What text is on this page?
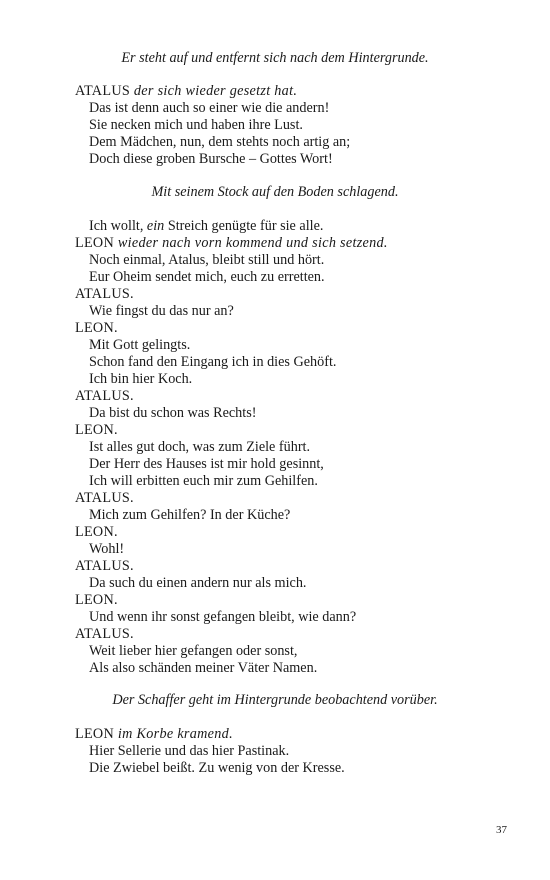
Er steht auf und entfernt sich nach dem Hintergrunde.
ATALUS der sich wieder gesetzt hat.
Das ist denn auch so einer wie die andern!
Sie necken mich und haben ihre Lust.
Dem Mädchen, nun, dem stehts noch artig an;
Doch diese groben Bursche – Gottes Wort!
Mit seinem Stock auf den Boden schlagend.
Ich wollt, ein Streich genügte für sie alle.
LEON wieder nach vorn kommend und sich setzend.
Noch einmal, Atalus, bleibt still und hört.
Eur Oheim sendet mich, euch zu erretten.
ATALUS.
Wie fingst du das nur an?
LEON.
Mit Gott gelingts.
Schon fand den Eingang ich in dies Gehöft.
Ich bin hier Koch.
ATALUS.
Da bist du schon was Rechts!
LEON.
Ist alles gut doch, was zum Ziele führt.
Der Herr des Hauses ist mir hold gesinnt,
Ich will erbitten euch mir zum Gehilfen.
ATALUS.
Mich zum Gehilfen? In der Küche?
LEON.
Wohl!
ATALUS.
Da such du einen andern nur als mich.
LEON.
Und wenn ihr sonst gefangen bleibt, wie dann?
ATALUS.
Weit lieber hier gefangen oder sonst,
Als also schänden meiner Väter Namen.
Der Schaffer geht im Hintergrunde beobachtend vorüber.
LEON im Korbe kramend.
Hier Sellerie und das hier Pastinak.
Die Zwiebel beißt. Zu wenig von der Kresse.
37
